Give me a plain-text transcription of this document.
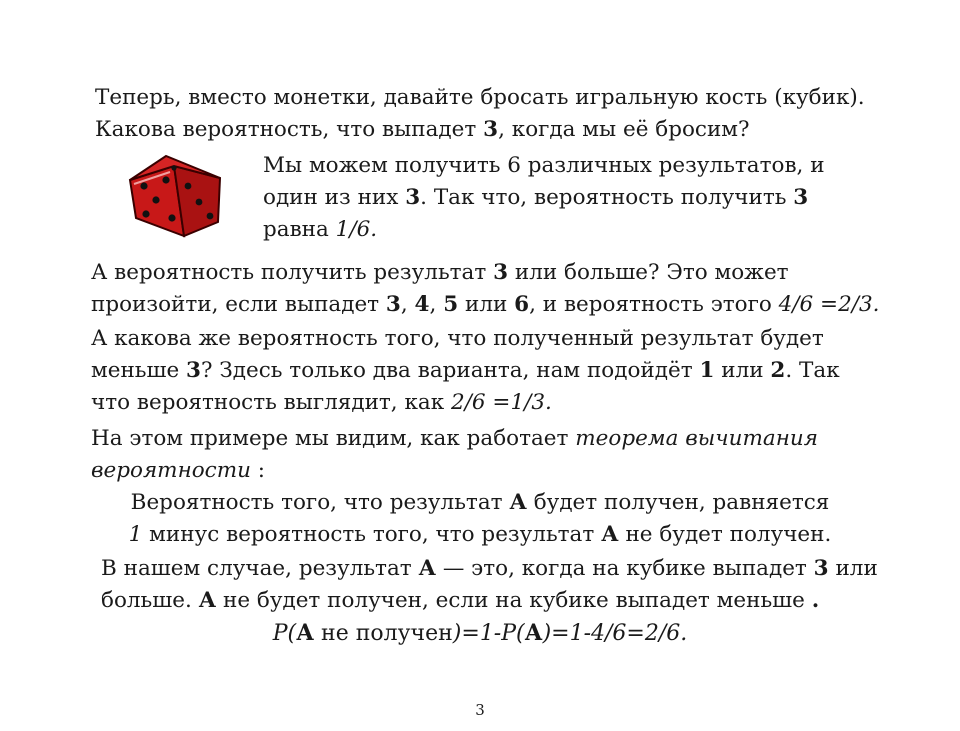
Теперь, вместо монетки, давайте бросать игральную кость (кубик).

Какова вероятность, что выпадет 3, когда мы её бросим?

Мы можем получить 6 различных результатов, и

один из них 3. Так что, вероятность получить 3

равна 1/6.

А вероятность получить результат 3 или больше? Это может

произойти, если выпадет 3, 4, 5 или 6, и вероятность этого 4/6 =2/3.

А какова же вероятность того, что полученный результат будет

меньше 3? Здесь только два варианта, нам подойдёт 1 или 2. Так

что вероятность выглядит, как 2/6 =1/3.

На этом примере мы видим, как работает теорема вычитания

вероятности :

Вероятность того, что результат А будет получен, равняется

1 минус вероятность того, что результат А не будет получен.

В нашем случае, результат А — это, когда на кубике выпадет 3 или

больше. А не будет получен, если на кубике выпадет меньше .

P(А не получен)=1-P(А)=1-4/6=2/6.

3
